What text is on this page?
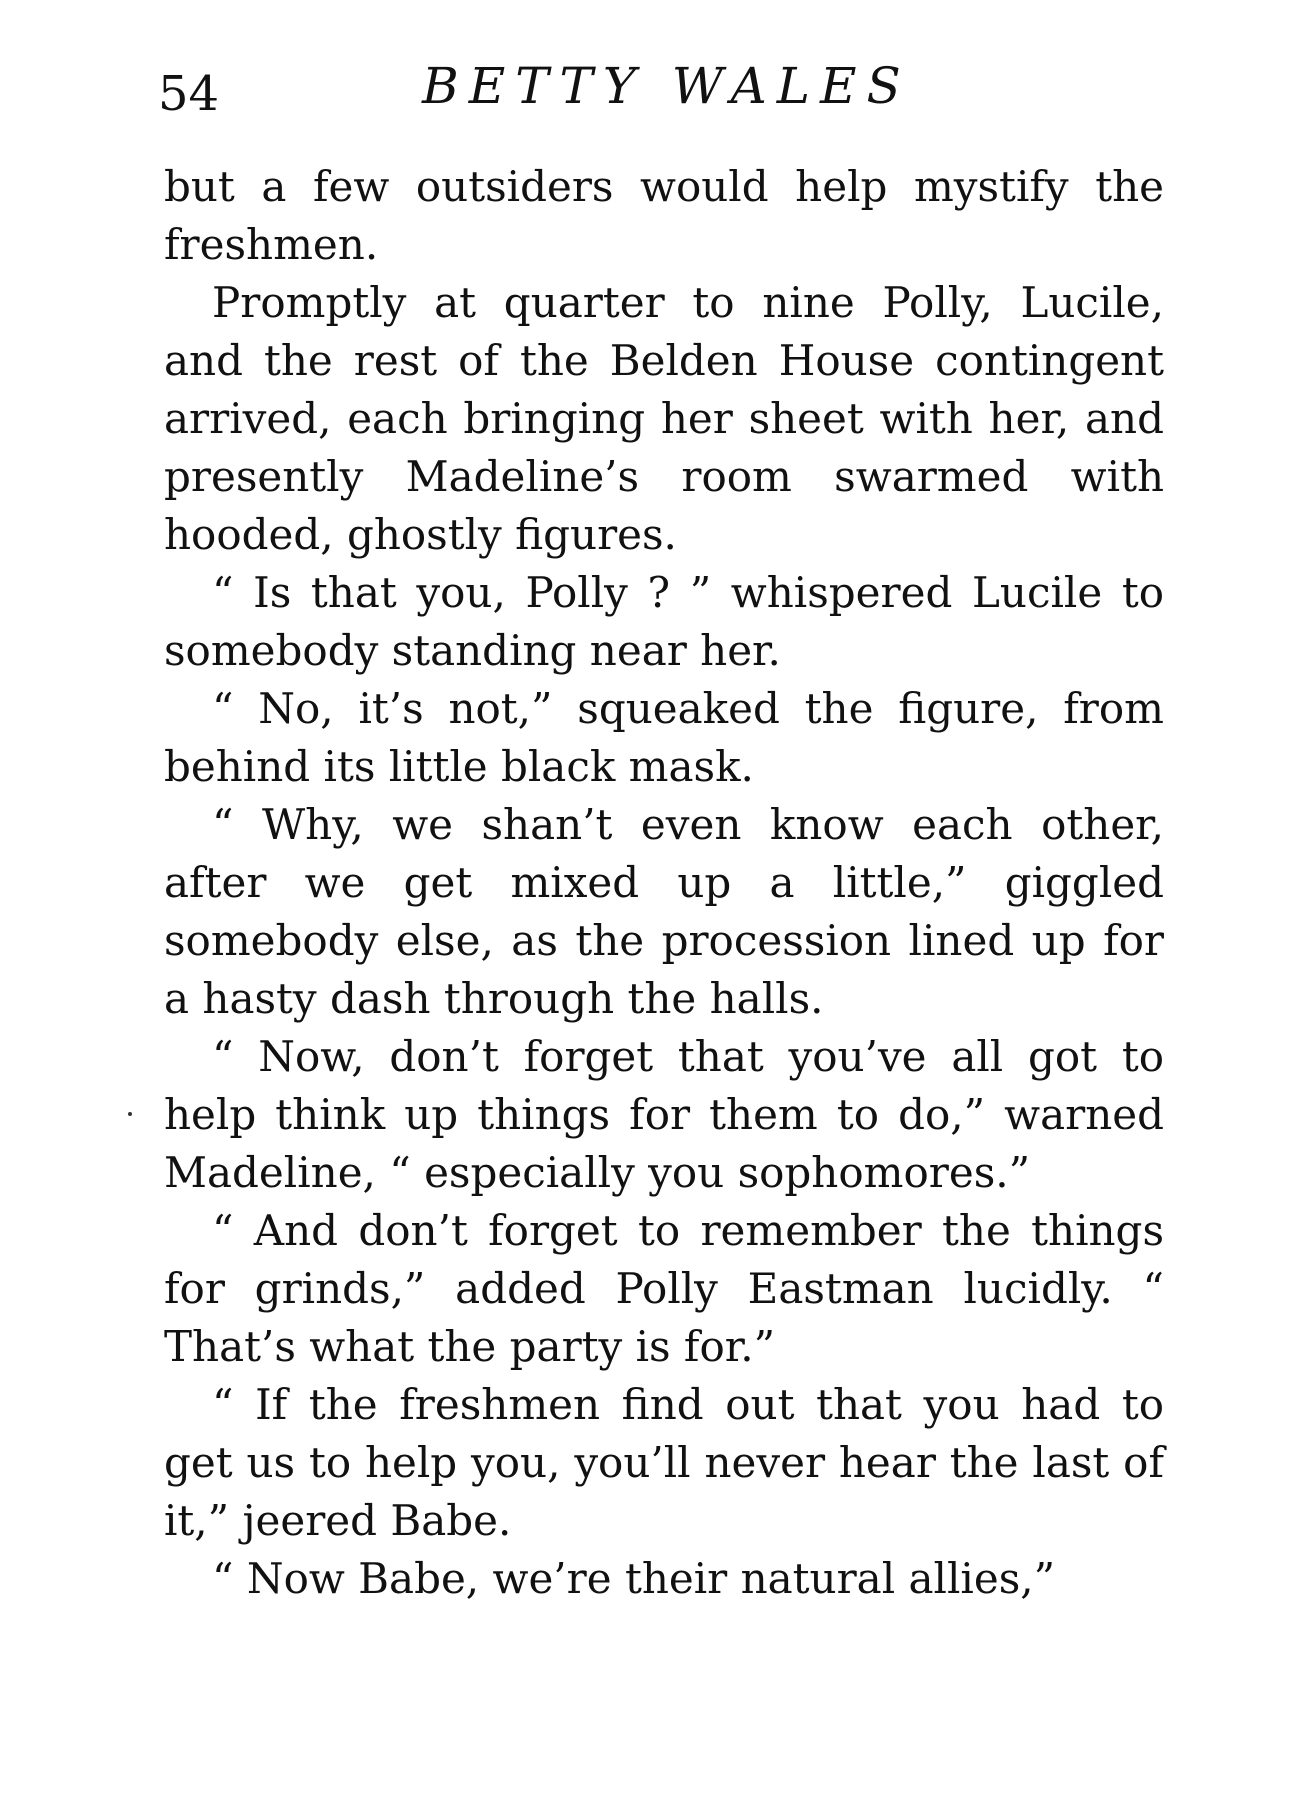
54	BETTY WALES

but a few outsiders would help mystify the freshmen.

Promptly at quarter to nine Polly, Lucile, and the rest of the Belden House contingent arrived, each bringing her sheet with her, and presently Madeline’s room swarmed with hooded, ghostly figures.

“ Is that you, Polly ? ” whispered Lucile to somebody standing near her.

“ No, it’s not,” squeaked the figure, from behind its little black mask.

“ Why, we shan’t even know each other, after we get mixed up a little,” giggled somebody else, as the procession lined up for a hasty dash through the halls.

“ Now, don’t forget that you’ve all got to help think up things for them to do,” warned Madeline, “ especially you sophomores.”

“ And don’t forget to remember the things for grinds,” added Polly Eastman lucidly. “ That’s what the party is for.”

“ If the freshmen find out that you had to get us to help you, you’ll never hear the last of it,” jeered Babe.

“ Now Babe, we’re their natural allies,”
